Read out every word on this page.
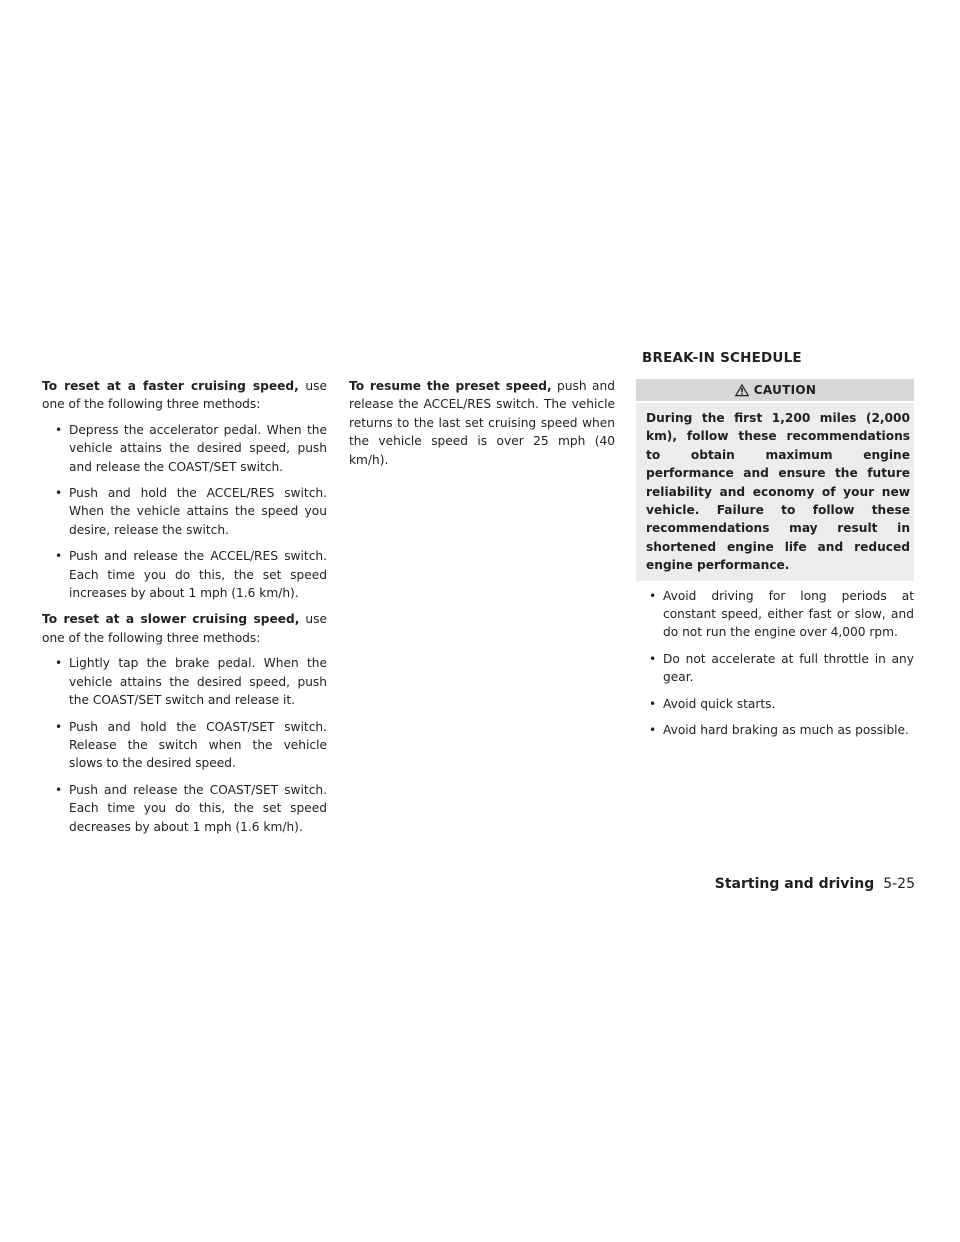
BREAK-IN SCHEDULE

To reset at a faster cruising speed, use one of the following three methods:

• Depress the accelerator pedal. When the vehicle attains the desired speed, push and release the COAST/SET switch.
• Push and hold the ACCEL/RES switch. When the vehicle attains the speed you desire, release the switch.
• Push and release the ACCEL/RES switch. Each time you do this, the set speed increases by about 1 mph (1.6 km/h).

To reset at a slower cruising speed, use one of the following three methods:

• Lightly tap the brake pedal. When the vehicle attains the desired speed, push the COAST/SET switch and release it.
• Push and hold the COAST/SET switch. Release the switch when the vehicle slows to the desired speed.
• Push and release the COAST/SET switch. Each time you do this, the set speed decreases by about 1 mph (1.6 km/h).

To resume the preset speed, push and release the ACCEL/RES switch. The vehicle returns to the last set cruising speed when the vehicle speed is over 25 mph (40 km/h).

CAUTION
During the first 1,200 miles (2,000 km), follow these recommendations to obtain maximum engine performance and ensure the future reliability and economy of your new vehicle. Failure to follow these recommendations may result in shortened engine life and reduced engine performance.
• Avoid driving for long periods at constant speed, either fast or slow, and do not run the engine over 4,000 rpm.
• Do not accelerate at full throttle in any gear.
• Avoid quick starts.
• Avoid hard braking as much as possible.
Starting and driving 5-25
